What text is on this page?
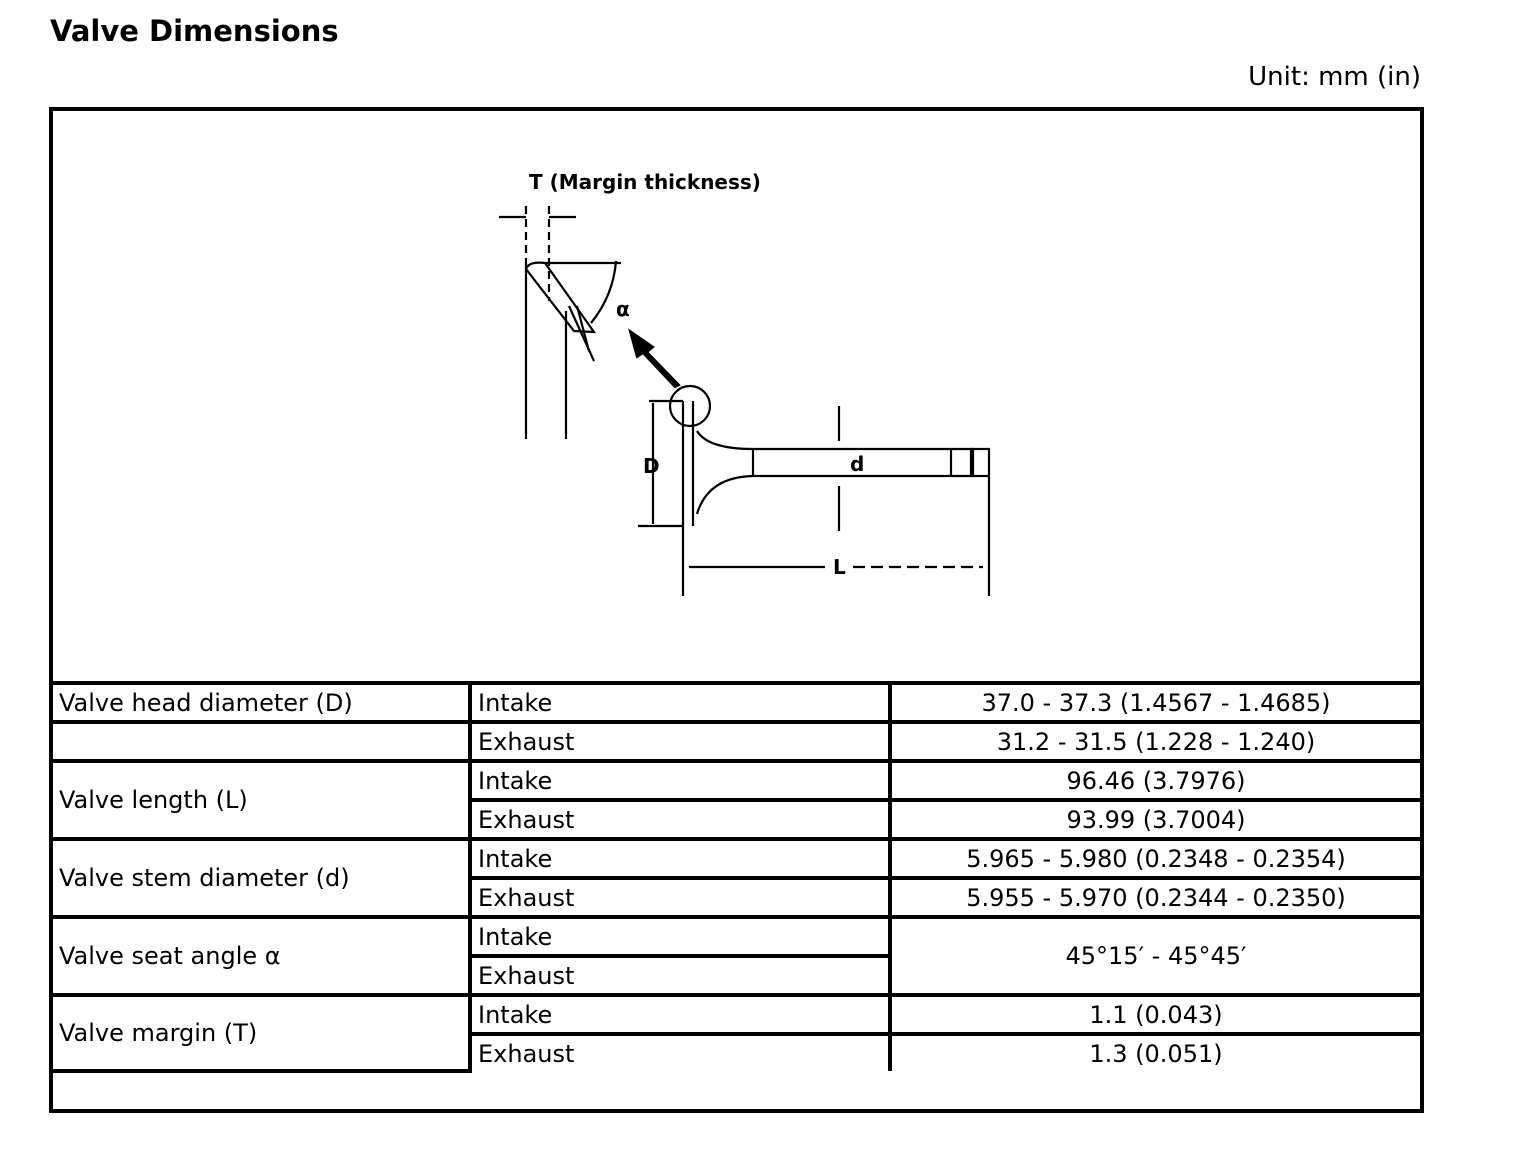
Valve Dimensions
Unit: mm (in)
T (Margin thickness)
α
D	d
L
Valve head diameter (D)	Intake	37.0 - 37.3 (1.4567 - 1.4685)
	Exhaust	31.2 - 31.5 (1.228 - 1.240)
Valve length (L)	Intake	96.46 (3.7976)
	Exhaust	93.99 (3.7004)
Valve stem diameter (d)	Intake	5.965 - 5.980 (0.2348 - 0.2354)
	Exhaust	5.955 - 5.970 (0.2344 - 0.2350)
Valve seat angle α	Intake	45°15′ - 45°45′
	Exhaust	
Valve margin (T)	Intake	1.1 (0.043)
	Exhaust	1.3 (0.051)
